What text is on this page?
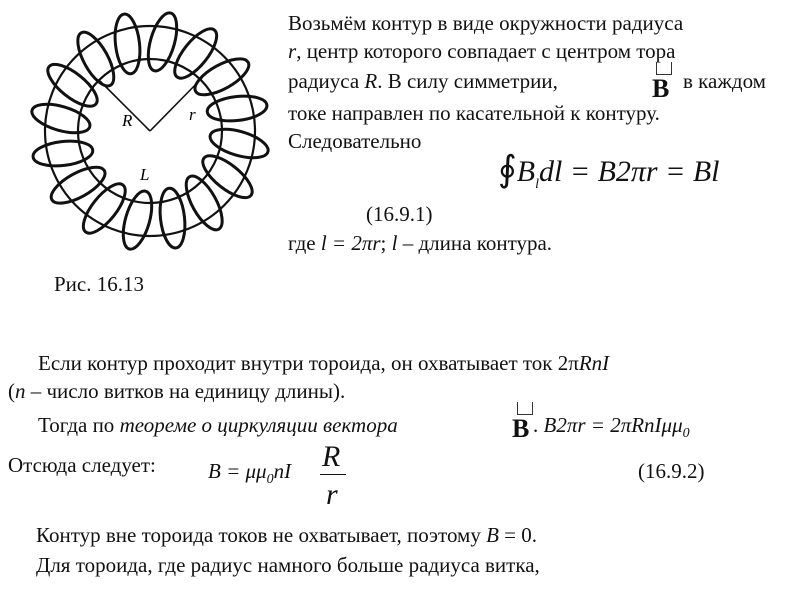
R	r
L
Рис. 16.13
Возьмём контур в виде окружности радиуса
r, центр которого совпадает с центром тора
радиуса R. В силу симметрии,	в каждом
B
токе направлен по касательной к контуру.
Следовательно
$∮B_ldl = B2\pi r = Bl$
(16.9.1)
где l = 2πr; l – длина контура.
Если контур проходит внутри тороида, он охватывает ток 2πRnI
(n – число витков на единицу длины).
Тогда по теореме о циркуляции вектора	B . B2πr = 2πRnIμμ$_0$
Отсюда следует: $B = \mu\mu_0nI$ R
r
(16.9.2)
Контур вне тороида токов не охватывает, поэтому B = 0.
Для тороида, где радиус намного больше радиуса витка,
